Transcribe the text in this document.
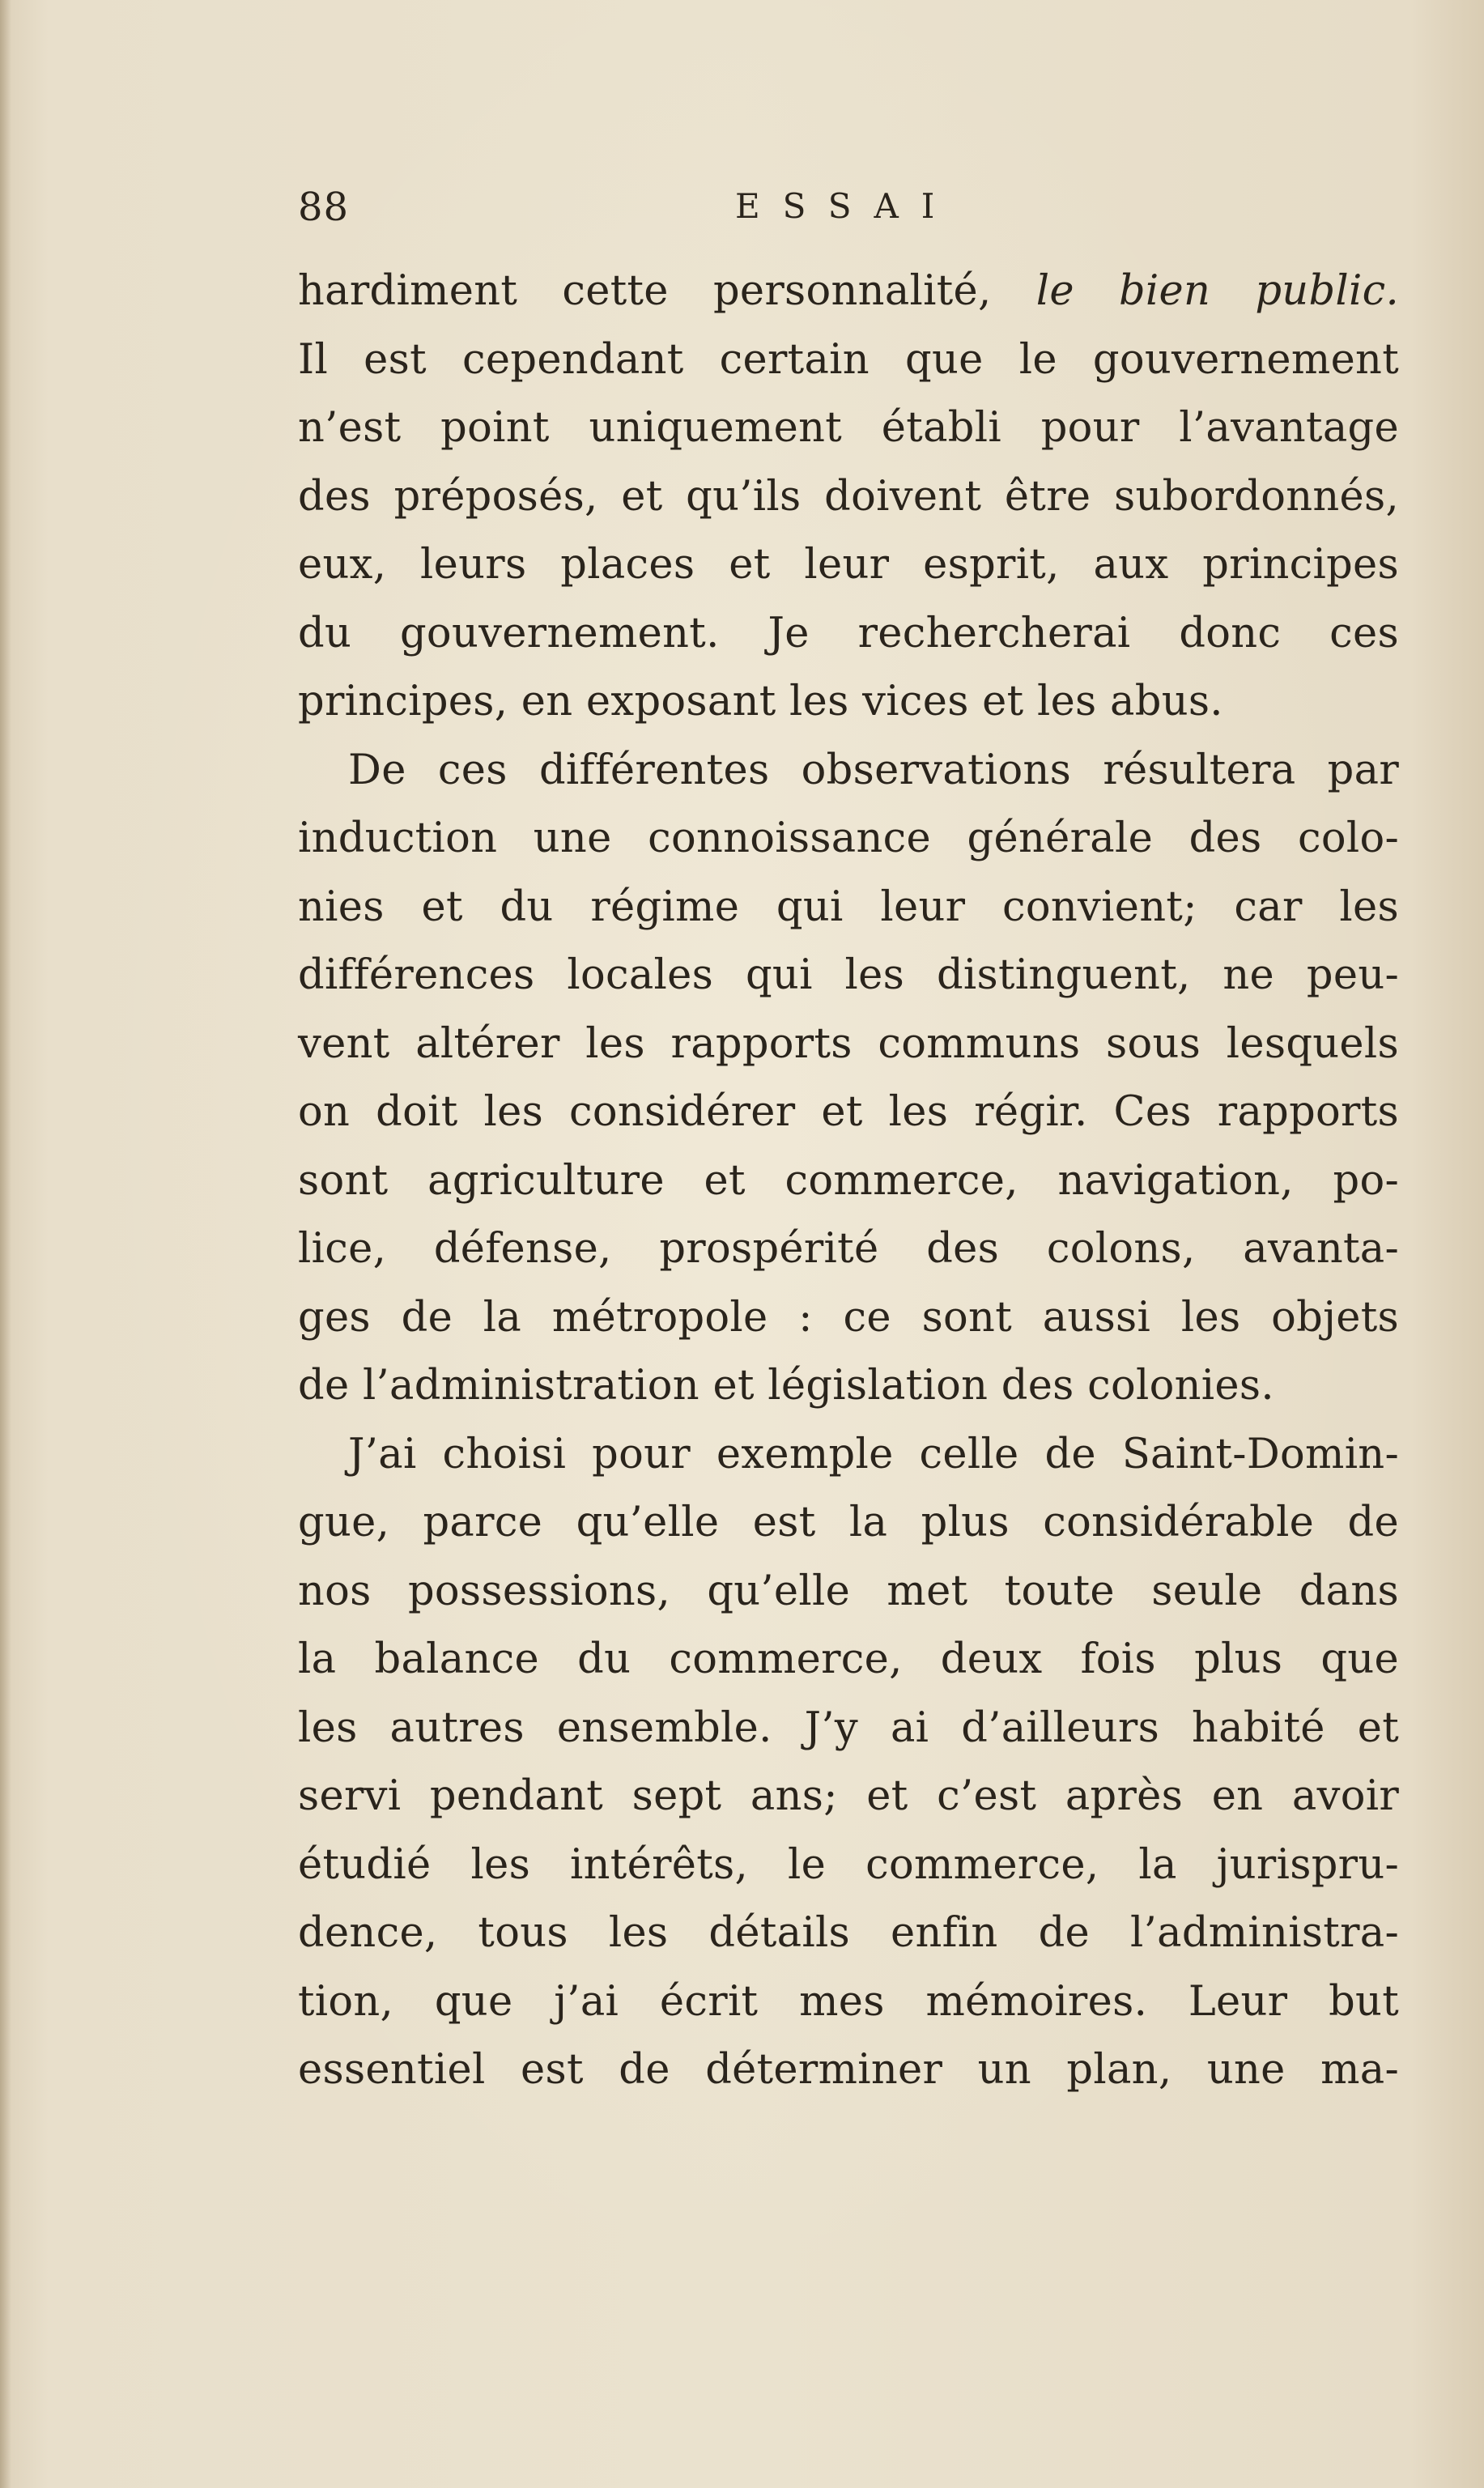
88	ESSAI
hardiment cette personnalité, le bien public.
Il est cependant certain que le gouvernement
n’est point uniquement établi pour l’avantage
des préposés, et qu’ils doivent être subordonnés,
eux, leurs places et leur esprit, aux principes
du gouvernement. Je rechercherai donc ces
principes, en exposant les vices et les abus.
De ces différentes observations résultera par
induction une connoissance générale des colo-
nies et du régime qui leur convient; car les
différences locales qui les distinguent, ne peu-
vent altérer les rapports communs sous lesquels
on doit les considérer et les régir. Ces rapports
sont agriculture et commerce, navigation, po-
lice, défense, prospérité des colons, avanta-
ges de la métropole : ce sont aussi les objets
de l’administration et législation des colonies.
J’ai choisi pour exemple celle de Saint-Domin-
gue, parce qu’elle est la plus considérable de
nos possessions, qu’elle met toute seule dans
la balance du commerce, deux fois plus que
les autres ensemble. J’y ai d’ailleurs habité et
servi pendant sept ans; et c’est après en avoir
étudié les intérêts, le commerce, la jurispru-
dence, tous les détails enfin de l’administra-
tion, que j’ai écrit mes mémoires. Leur but
essentiel est de déterminer un plan, une ma-
